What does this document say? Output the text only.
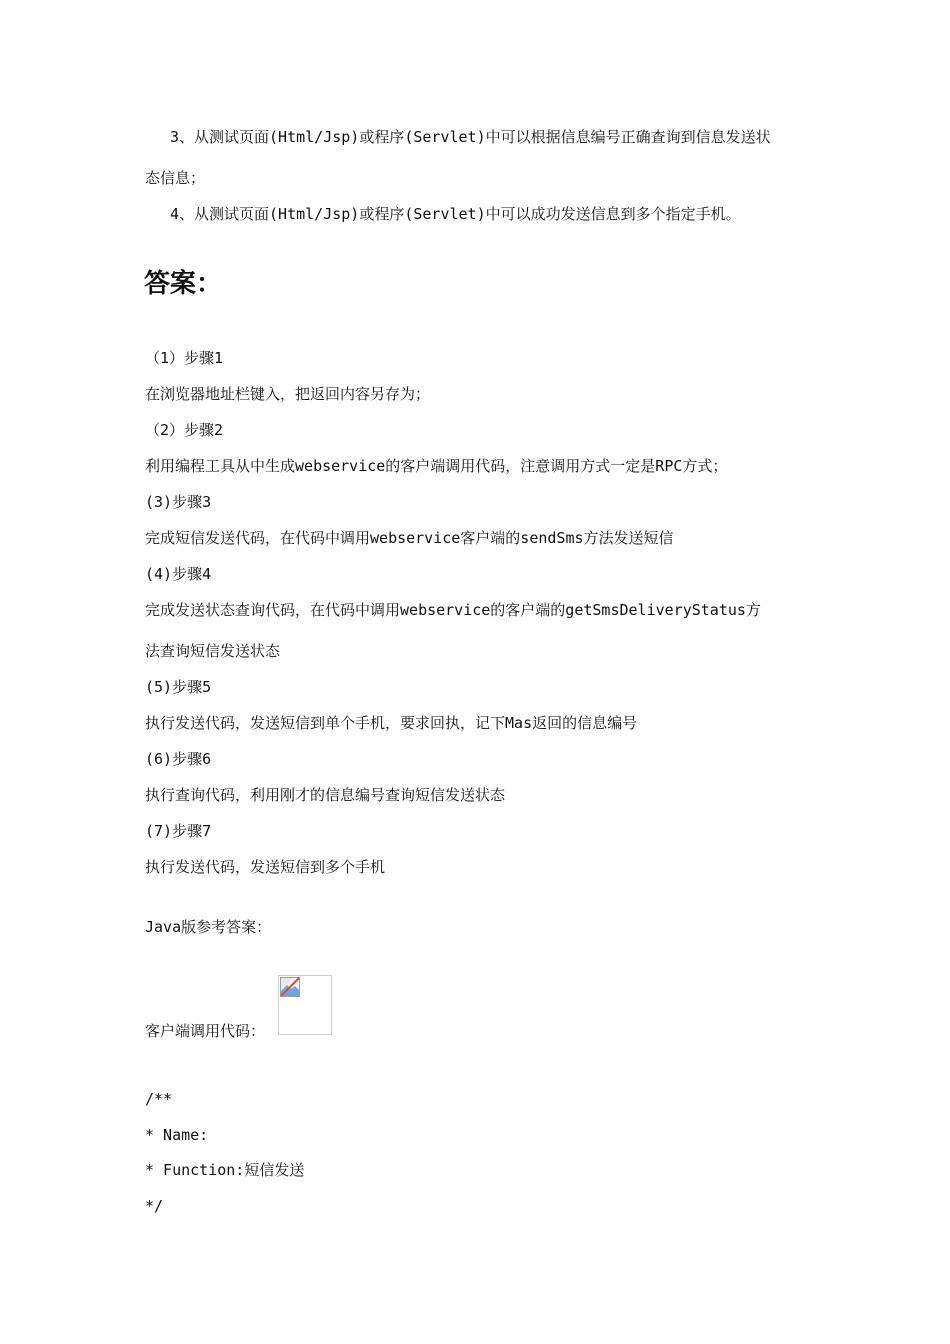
3、从测试页面(Html/Jsp)或程序(Servlet)中可以根据信息编号正确查询到信息发送状
态信息；
4、从测试页面(Html/Jsp)或程序(Servlet)中可以成功发送信息到多个指定手机。
答案：
（1）步骤1
在浏览器地址栏键入，把返回内容另存为；
（2）步骤2
利用编程工具从中生成webservice的客户端调用代码，注意调用方式一定是RPC方式；
(3)步骤3
完成短信发送代码，在代码中调用webservice客户端的sendSms方法发送短信
(4)步骤4
完成发送状态查询代码，在代码中调用webservice的客户端的getSmsDeliveryStatus方
法查询短信发送状态
(5)步骤5
执行发送代码，发送短信到单个手机，要求回执，记下Mas返回的信息编号
(6)步骤6
执行查询代码，利用刚才的信息编号查询短信发送状态
(7)步骤7
执行发送代码，发送短信到多个手机
Java版参考答案：
客户端调用代码：
/**
* Name:
* Function:短信发送
*/
